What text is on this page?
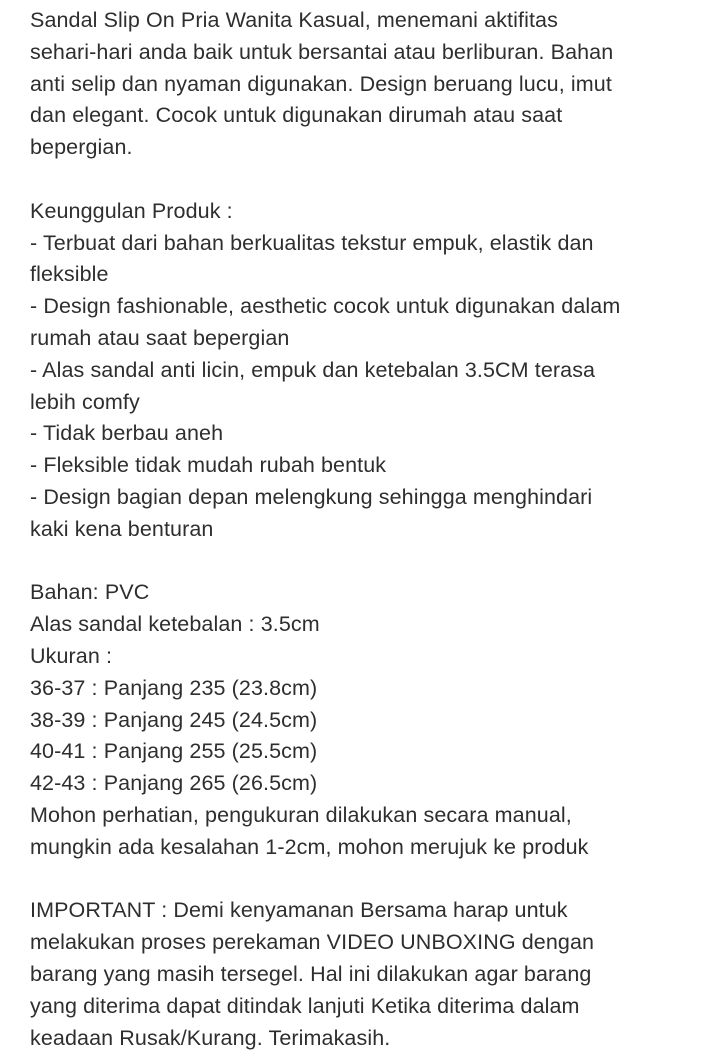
Sandal Slip On Pria Wanita Kasual, menemani aktifitas
sehari-hari anda baik untuk bersantai atau berliburan. Bahan
anti selip dan nyaman digunakan. Design beruang lucu, imut
dan elegant. Cocok untuk digunakan dirumah atau saat
bepergian.
Keunggulan Produk :
- Terbuat dari bahan berkualitas tekstur empuk, elastik dan
fleksible
- Design fashionable, aesthetic cocok untuk digunakan dalam
rumah atau saat bepergian
- Alas sandal anti licin, empuk dan ketebalan 3.5CM terasa
lebih comfy
- Tidak berbau aneh
- Fleksible tidak mudah rubah bentuk
- Design bagian depan melengkung sehingga menghindari
kaki kena benturan
Bahan: PVC
Alas sandal ketebalan : 3.5cm
Ukuran :
36-37 : Panjang 235 (23.8cm)
38-39 : Panjang 245 (24.5cm)
40-41 : Panjang 255 (25.5cm)
42-43 : Panjang 265 (26.5cm)
Mohon perhatian, pengukuran dilakukan secara manual,
mungkin ada kesalahan 1-2cm, mohon merujuk ke produk
IMPORTANT : Demi kenyamanan Bersama harap untuk
melakukan proses perekaman VIDEO UNBOXING dengan
barang yang masih tersegel. Hal ini dilakukan agar barang
yang diterima dapat ditindak lanjuti Ketika diterima dalam
keadaan Rusak/Kurang. Terimakasih.
